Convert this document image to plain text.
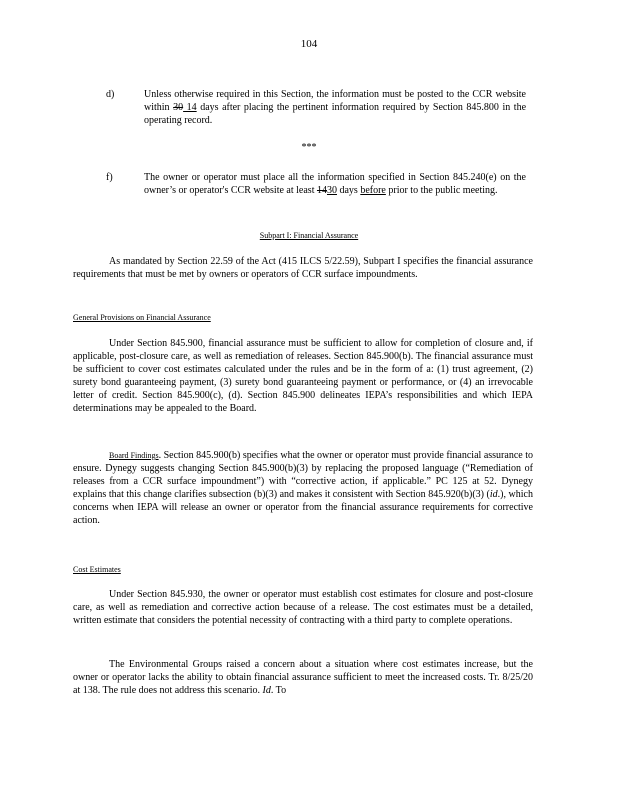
104
d)	Unless otherwise required in this Section, the information must be posted to the CCR website within 30 14 days after placing the pertinent information required by Section 845.800 in the operating record.
***
f)	The owner or operator must place all the information specified in Section 845.240(e) on the owner’s or operator's CCR website at least 1430 days before prior to the public meeting.
Subpart I: Financial Assurance
As mandated by Section 22.59 of the Act (415 ILCS 5/22.59), Subpart I specifies the financial assurance requirements that must be met by owners or operators of CCR surface impoundments.
General Provisions on Financial Assurance
Under Section 845.900, financial assurance must be sufficient to allow for completion of closure and, if applicable, post-closure care, as well as remediation of releases. Section 845.900(b). The financial assurance must be sufficient to cover cost estimates calculated under the rules and be in the form of a: (1) trust agreement, (2) surety bond guaranteeing payment, (3) surety bond guaranteeing payment or performance, or (4) an irrevocable letter of credit. Section 845.900(c), (d). Section 845.900 delineates IEPA’s responsibilities and which IEPA determinations may be appealed to the Board.
Board Findings. Section 845.900(b) specifies what the owner or operator must provide financial assurance to ensure. Dynegy suggests changing Section 845.900(b)(3) by replacing the proposed language (“Remediation of releases from a CCR surface impoundment”) with “corrective action, if applicable.” PC 125 at 52. Dynegy explains that this change clarifies subsection (b)(3) and makes it consistent with Section 845.920(b)(3) (id.), which concerns when IEPA will release an owner or operator from the financial assurance requirements for corrective action.
Cost Estimates
Under Section 845.930, the owner or operator must establish cost estimates for closure and post-closure care, as well as remediation and corrective action because of a release. The cost estimates must be a detailed, written estimate that considers the potential necessity of contracting with a third party to complete operations.
The Environmental Groups raised a concern about a situation where cost estimates increase, but the owner or operator lacks the ability to obtain financial assurance sufficient to meet the increased costs. Tr. 8/25/20 at 138. The rule does not address this scenario. Id. To
